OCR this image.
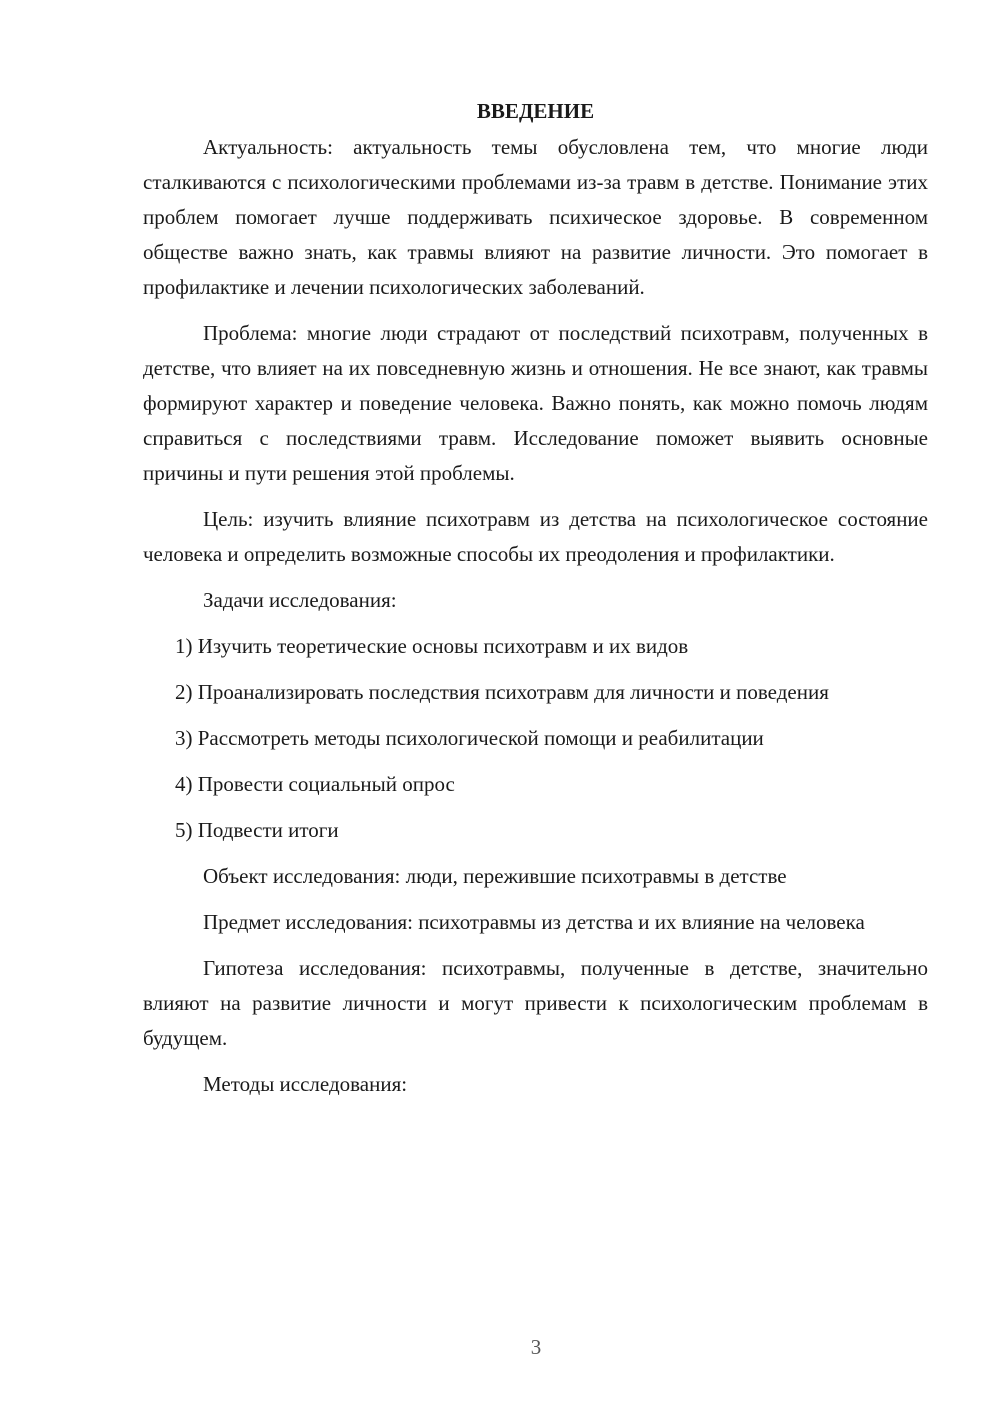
ВВЕДЕНИЕ

Актуальность: актуальность темы обусловлена тем, что многие люди сталкиваются с психологическими проблемами из-за травм в детстве. Понимание этих проблем помогает лучше поддерживать психическое здоровье. В современном обществе важно знать, как травмы влияют на развитие личности. Это помогает в профилактике и лечении психологических заболеваний.

Проблема: многие люди страдают от последствий психотравм, полученных в детстве, что влияет на их повседневную жизнь и отношения. Не все знают, как травмы формируют характер и поведение человека. Важно понять, как можно помочь людям справиться с последствиями травм. Исследование поможет выявить основные причины и пути решения этой проблемы.

Цель: изучить влияние психотравм из детства на психологическое состояние человека и определить возможные способы их преодоления и профилактики.

Задачи исследования:

1) Изучить теоретические основы психотравм и их видов

2) Проанализировать последствия психотравм для личности и поведения

3) Рассмотреть методы психологической помощи и реабилитации

4) Провести социальный опрос

5) Подвести итоги

Объект исследования: люди, пережившие психотравмы в детстве

Предмет исследования: психотравмы из детства и их влияние на человека

Гипотеза исследования: психотравмы, полученные в детстве, значительно влияют на развитие личности и могут привести к психологическим проблемам в будущем.

Методы исследования:

3
